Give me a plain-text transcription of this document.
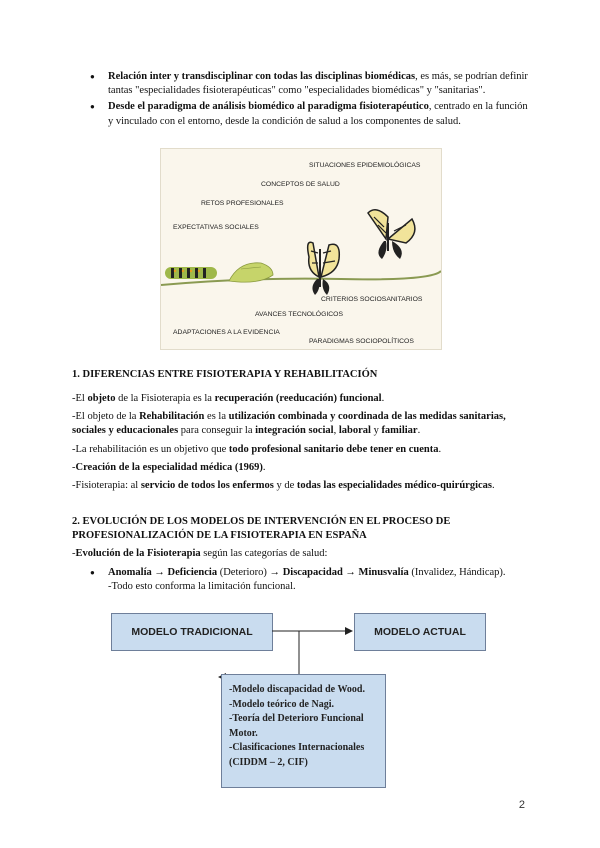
● Relación inter y transdisciplinar con todas las disciplinas biomédicas, es más, se podrían definir tantas "especialidades fisioterapéuticas" como "especialidades biomédicas" y "sanitarias".
● Desde el paradigma de análisis biomédico al paradigma fisioterapéutico, centrado en la función y vinculado con el entorno, desde la condición de salud a los componentes de salud.
SITUACIONES EPIDEMIOLÓGICAS
CONCEPTOS DE SALUD
RETOS PROFESIONALES
EXPECTATIVAS SOCIALES
CRITERIOS SOCIOSANITARIOS
AVANCES TECNOLÓGICOS
ADAPTACIONES A LA EVIDENCIA
PARADIGMAS SOCIOPOLÍTICOS

1. DIFERENCIAS ENTRE FISIOTERAPIA Y REHABILITACIÓN

-El objeto de la Fisioterapia es la recuperación (reeducación) funcional.

-El objeto de la Rehabilitación es la utilización combinada y coordinada de las medidas sanitarias, sociales y educacionales para conseguir la integración social, laboral y familiar.

-La rehabilitación es un objetivo que todo profesional sanitario debe tener en cuenta.

-Creación de la especialidad médica (1969).

-Fisioterapia: al servicio de todos los enfermos y de todas las especialidades médico-quirúrgicas.

2. EVOLUCIÓN DE LOS MODELOS DE INTERVENCIÓN EN EL PROCESO DE PROFESIONALIZACIÓN DE LA FISIOTERAPIA EN ESPAÑA

-Evolución de la Fisioterapia según las categorías de salud:

● Anomalía → Deficiencia (Deterioro) → Discapacidad → Minusvalía (Invalidez, Hándicap).
-Todo esto conforma la limitación funcional.
MODELO TRADICIONAL	MODELO ACTUAL
-Modelo discapacidad de Wood.
-Modelo teórico de Nagi.
-Teoría del Deterioro Funcional Motor.
-Clasificaciones Internacionales (CIDDM – 2, CIF)
2
